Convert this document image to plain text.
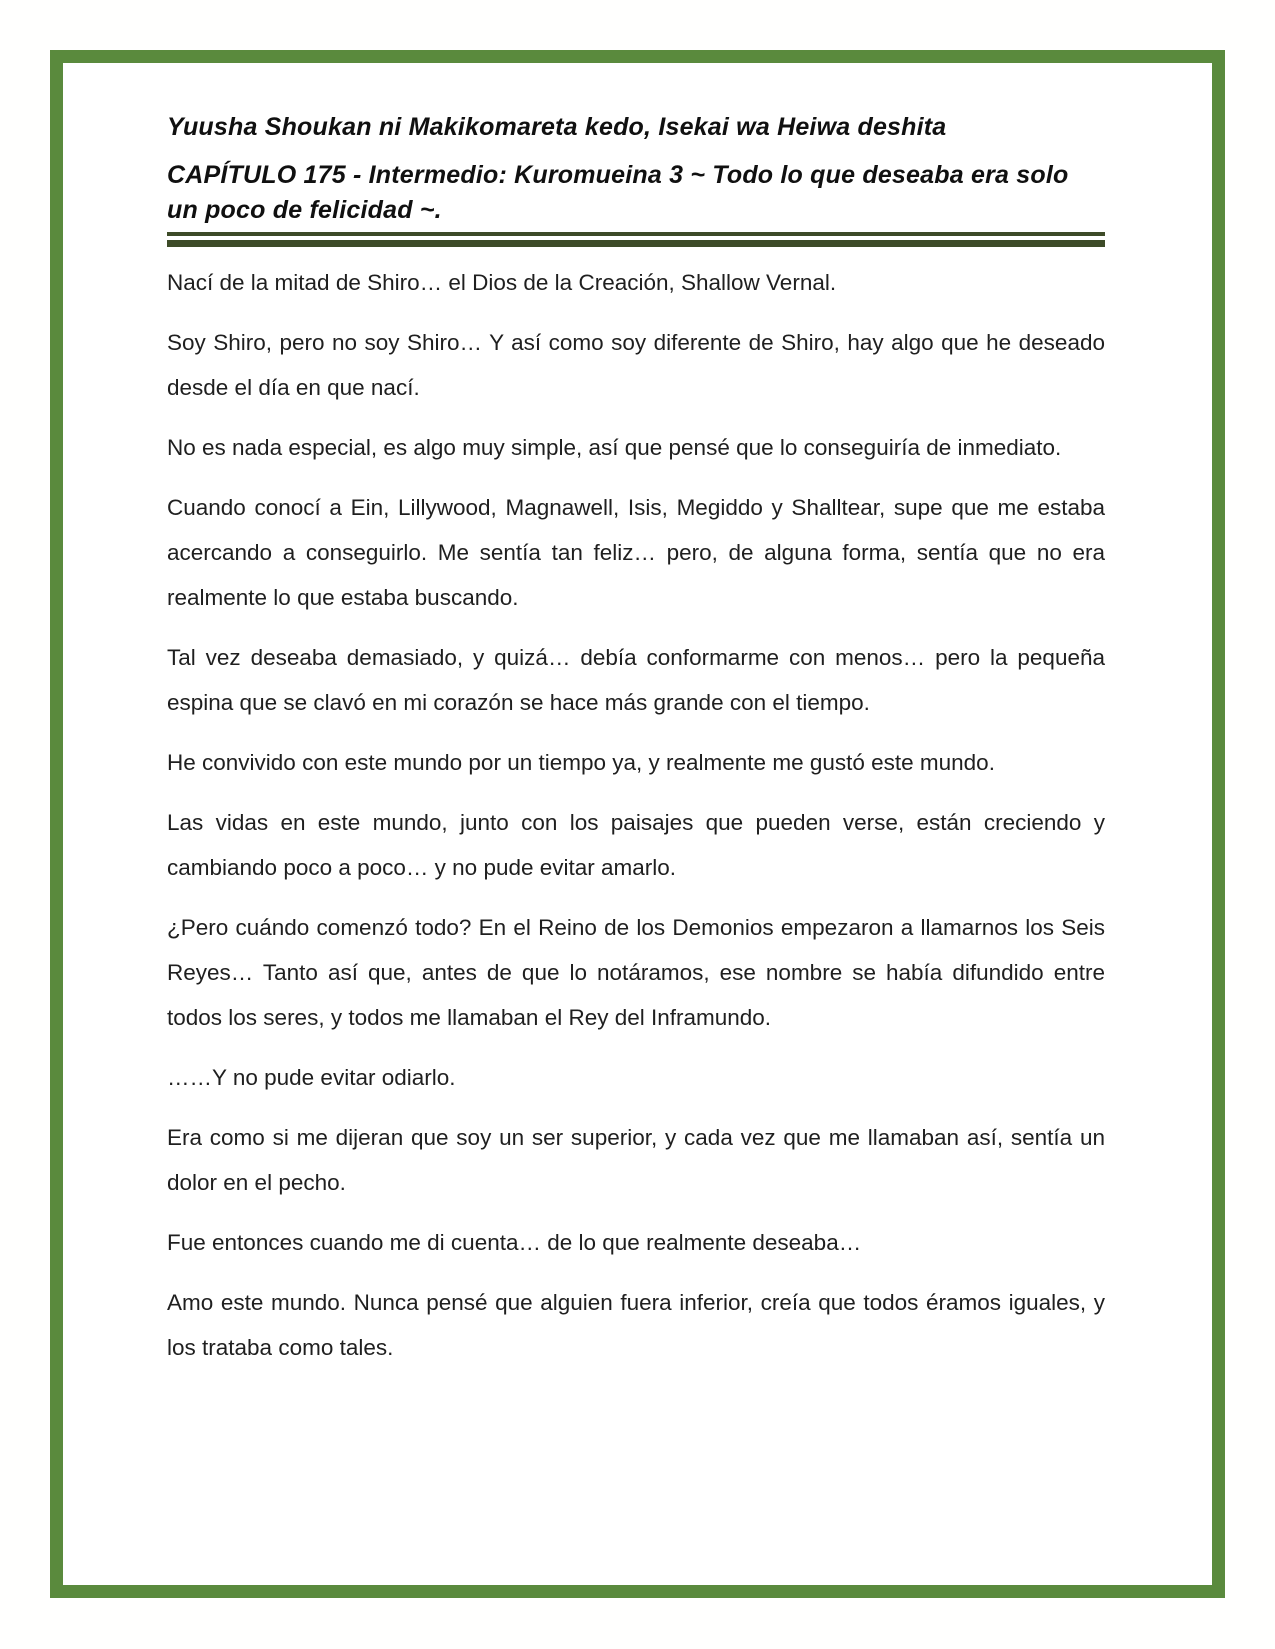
Yuusha Shoukan ni Makikomareta kedo, Isekai wa Heiwa deshita
CAPÍTULO 175 - Intermedio: Kuromueina 3 ~ Todo lo que deseaba era solo un poco de felicidad ~.

Nací de la mitad de Shiro… el Dios de la Creación, Shallow Vernal.

Soy Shiro, pero no soy Shiro… Y así como soy diferente de Shiro, hay algo que he deseado desde el día en que nací.

No es nada especial, es algo muy simple, así que pensé que lo conseguiría de inmediato.

Cuando conocí a Ein, Lillywood, Magnawell, Isis, Megiddo y Shalltear, supe que me estaba acercando a conseguirlo. Me sentía tan feliz… pero, de alguna forma, sentía que no era realmente lo que estaba buscando.

Tal vez deseaba demasiado, y quizá… debía conformarme con menos… pero la pequeña espina que se clavó en mi corazón se hace más grande con el tiempo.

He convivido con este mundo por un tiempo ya, y realmente me gustó este mundo.

Las vidas en este mundo, junto con los paisajes que pueden verse, están creciendo y cambiando poco a poco… y no pude evitar amarlo.

¿Pero cuándo comenzó todo? En el Reino de los Demonios empezaron a llamarnos los Seis Reyes… Tanto así que, antes de que lo notáramos, ese nombre se había difundido entre todos los seres, y todos me llamaban el Rey del Inframundo.

……Y no pude evitar odiarlo.

Era como si me dijeran que soy un ser superior, y cada vez que me llamaban así, sentía un dolor en el pecho.

Fue entonces cuando me di cuenta… de lo que realmente deseaba…

Amo este mundo. Nunca pensé que alguien fuera inferior, creía que todos éramos iguales, y los trataba como tales.
